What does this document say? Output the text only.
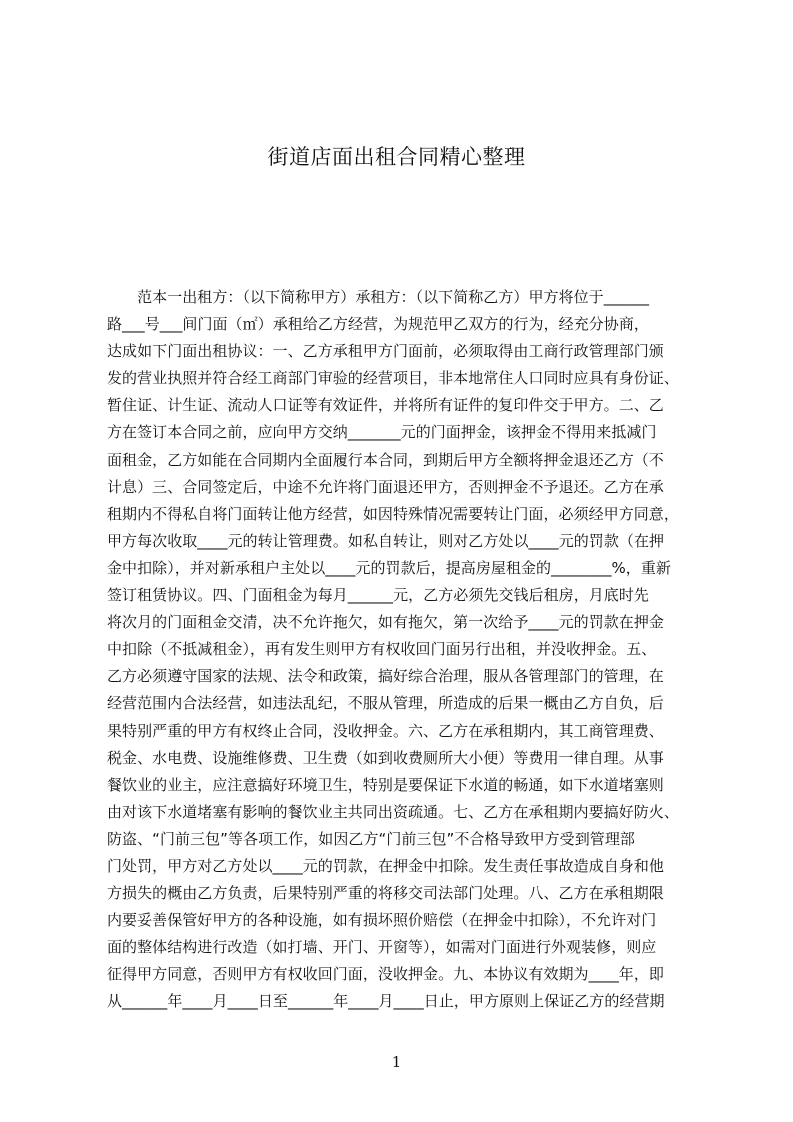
街道店面出租合同精心整理
　　范本一出租方：（以下简称甲方）承租方：（以下简称乙方）甲方将位于______
路___号___间门面（㎡）承租给乙方经营，为规范甲乙双方的行为，经充分协商，
达成如下门面出租协议：一、乙方承租甲方门面前，必须取得由工商行政管理部门颁
发的营业执照并符合经工商部门审验的经营项目，非本地常住人口同时应具有身份证、
暂住证、计生证、流动人口证等有效证件，并将所有证件的复印件交于甲方。二、乙
方在签订本合同之前，应向甲方交纳_______元的门面押金，该押金不得用来抵减门
面租金，乙方如能在合同期内全面履行本合同，到期后甲方全额将押金退还乙方（不
计息）三、合同签定后，中途不允许将门面退还甲方，否则押金不予退还。乙方在承
租期内不得私自将门面转让他方经营，如因特殊情况需要转让门面，必须经甲方同意，
甲方每次收取____元的转让管理费。如私自转让，则对乙方处以____元的罚款（在押
金中扣除），并对新承租户主处以____元的罚款后，提高房屋租金的________%，重新
签订租赁协议。四、门面租金为每月______元，乙方必须先交钱后租房，月底时先
将次月的门面租金交清，决不允许拖欠，如有拖欠，第一次给予____元的罚款在押金
中扣除（不抵减租金），再有发生则甲方有权收回门面另行出租，并没收押金。五、
乙方必须遵守国家的法规、法令和政策，搞好综合治理，服从各管理部门的管理，在
经营范围内合法经营，如违法乱纪，不服从管理，所造成的后果一概由乙方自负，后
果特别严重的甲方有权终止合同，没收押金。六、乙方在承租期内，其工商管理费、
税金、水电费、设施维修费、卫生费（如到收费厕所大小便）等费用一律自理。从事
餐饮业的业主，应注意搞好环境卫生，特别是要保证下水道的畅通，如下水道堵塞则
由对该下水道堵塞有影响的餐饮业主共同出资疏通。七、乙方在承租期内要搞好防火、
防盗、“门前三包”等各项工作，如因乙方“门前三包”不合格导致甲方受到管理部
门处罚，甲方对乙方处以____元的罚款，在押金中扣除。发生责任事故造成自身和他
方损失的概由乙方负责，后果特别严重的将移交司法部门处理。八、乙方在承租期限
内要妥善保管好甲方的各种设施，如有损坏照价赔偿（在押金中扣除），不允许对门
面的整体结构进行改造（如打墙、开门、开窗等），如需对门面进行外观装修，则应
征得甲方同意，否则甲方有权收回门面，没收押金。九、本协议有效期为____年，即
从______年____月____日至______年____月____日止，甲方原则上保证乙方的经营期
1
